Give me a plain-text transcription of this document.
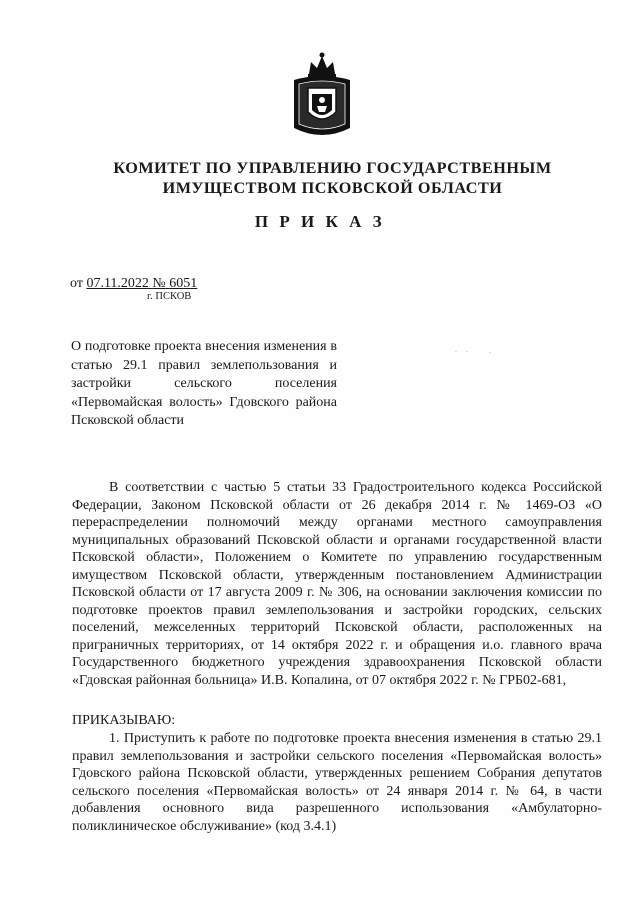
КОМИТЕТ ПО УПРАВЛЕНИЮ ГОСУДАРСТВЕННЫМ
ИМУЩЕСТВОМ ПСКОВСКОЙ ОБЛАСТИ
П Р И К А З
от 07.11.2022 № 6051
г. ПСКОВ
О подготовке проекта внесения изменения в статью 29.1 правил землепользования и застройки сельского поселения «Первомайская волость» Гдовского района Псковской области
В соответствии с частью 5 статьи 33 Градостроительного кодекса Российской Федерации, Законом Псковской области от 26 декабря 2014 г. № 1469-ОЗ «О перераспределении полномочий между органами местного самоуправления муниципальных образований Псковской области и органами государственной власти Псковской области», Положением о Комитете по управлению государственным имуществом Псковской области, утвержденным постановлением Администрации Псковской области от 17 августа 2009 г. № 306, на основании заключения комиссии по подготовке проектов правил землепользования и застройки городских, сельских поселений, межселенных территорий Псковской области, расположенных на приграничных территориях, от 14 октября 2022 г. и обращения и.о. главного врача Государственного бюджетного учреждения здравоохранения Псковской области «Гдовская районная больница» И.В. Копалина, от 07 октября 2022 г. № ГРБ02-681,
ПРИКАЗЫВАЮ:
1. Приступить к работе по подготовке проекта внесения изменения в статью 29.1 правил землепользования и застройки сельского поселения «Первомайская волость» Гдовского района Псковской области, утвержденных решением Собрания депутатов сельского поселения «Первомайская волость» от 24 января 2014 г. № 64, в части добавления основного вида разрешенного использования «Амбулаторно-поликлиническое обслуживание» (код 3.4.1)
